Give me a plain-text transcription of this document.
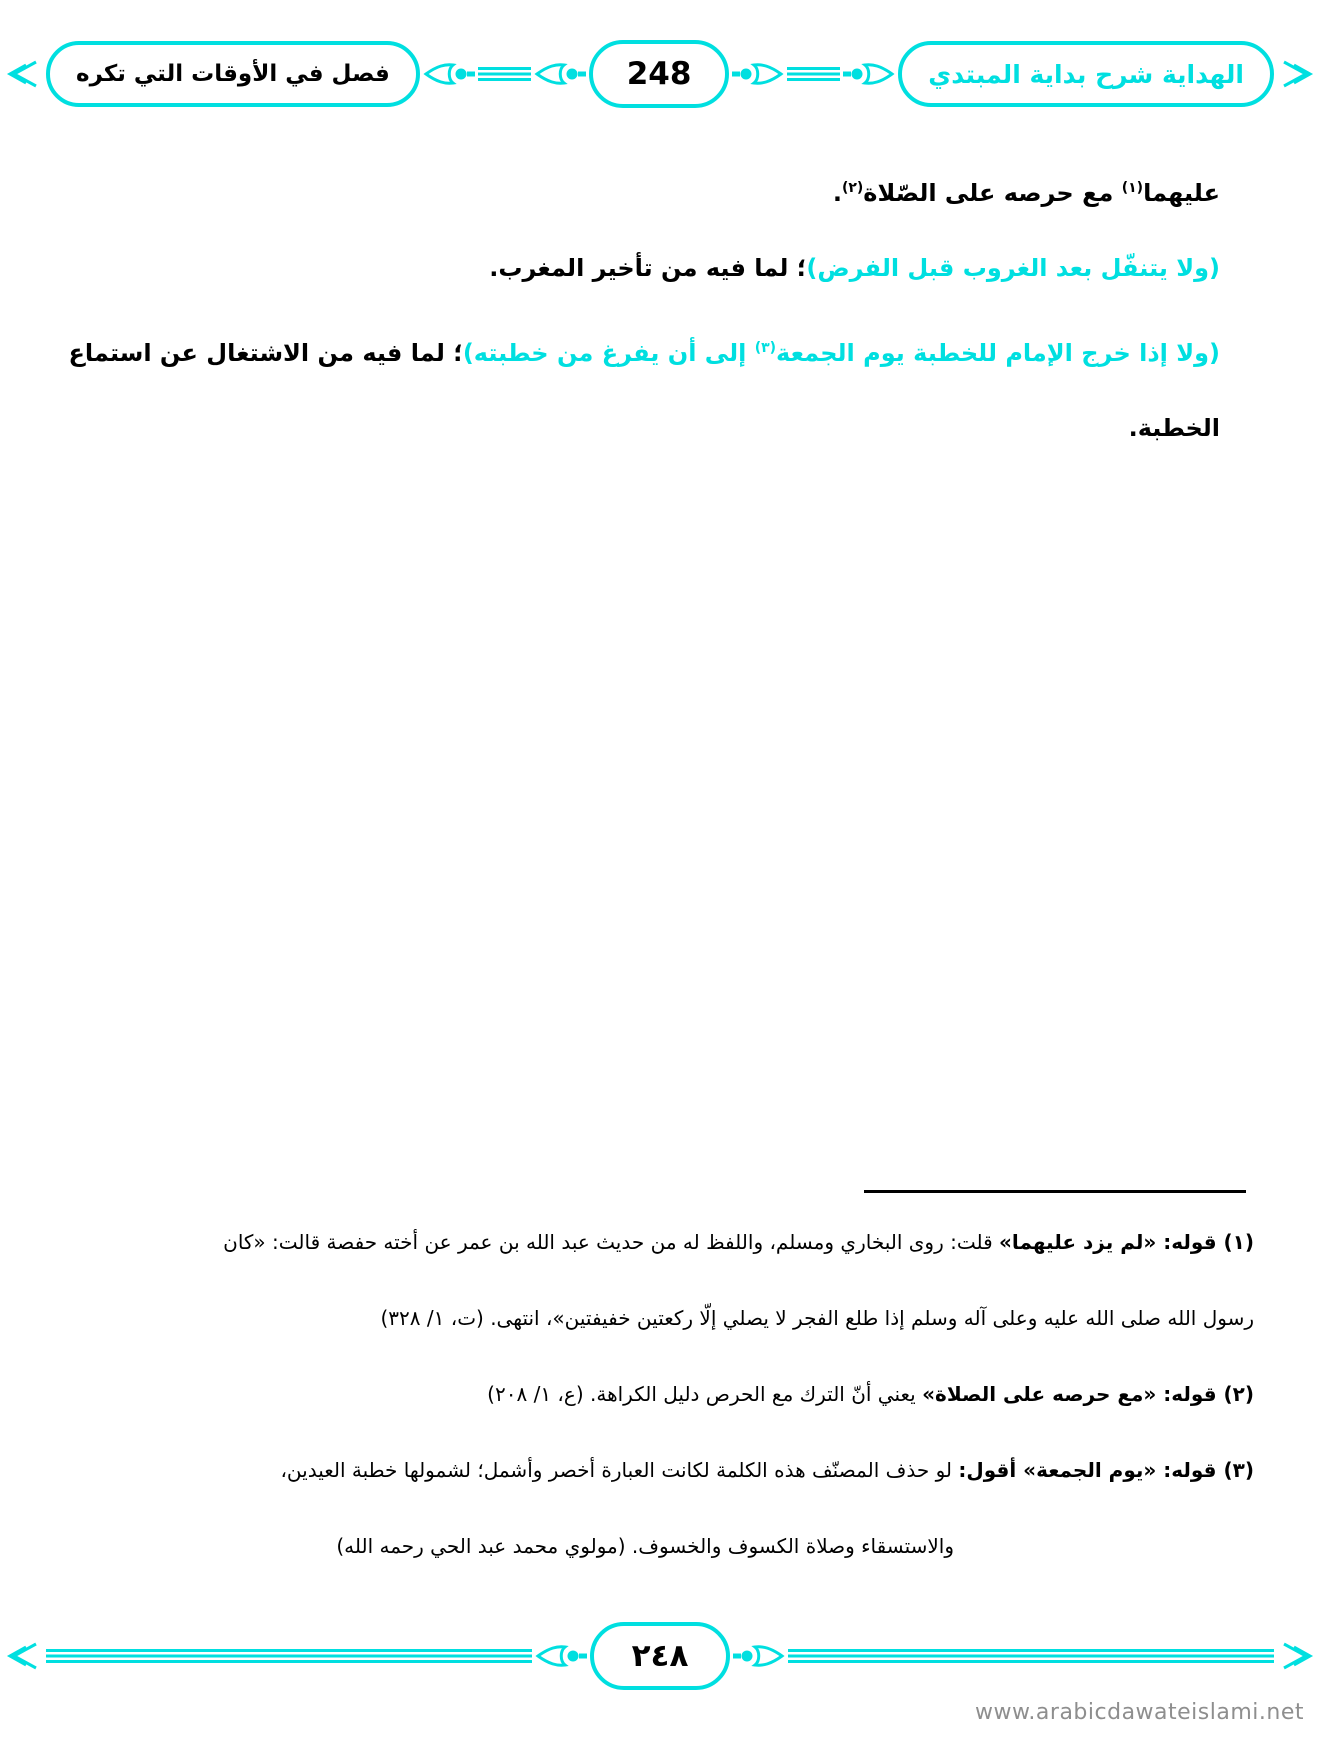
فصل في الأوقات التي تكره	248	الهداية شرح بداية المبتدي
عليهما$^{(١)}$ مع حرصه على الصّلاة$^{(٢)}$.
(ولا يتنفّل بعد الغروب قبل الفرض)؛ لما فيه من تأخير المغرب.
(ولا إذا خرج الإمام للخطبة يوم الجمعة$^{(٣)}$ إلى أن يفرغ من خطبته)؛ لما فيه من الاشتغال عن استماع
الخطبة.
(١) قوله: «لم يزد عليهما» قلت: روى البخاري ومسلم، واللفظ له من حديث عبد الله بن عمر عن أخته حفصة قالت: «كان
رسول الله صلى الله عليه وعلى آله وسلم إذا طلع الفجر لا يصلي إلّا ركعتين خفيفتين»، انتهى. (ت، ١/ ٣٢٨)
(٢) قوله: «مع حرصه على الصلاة» يعني أنّ الترك مع الحرص دليل الكراهة. (ع، ١/ ٢٠٨)
(٣) قوله: «يوم الجمعة» أقول: لو حذف المصنّف هذه الكلمة لكانت العبارة أخصر وأشمل؛ لشمولها خطبة العيدين،
والاستسقاء وصلاة الكسوف والخسوف. (مولوي محمد عبد الحي رحمه الله)
٢٤٨
www.arabicdawateislami.net
